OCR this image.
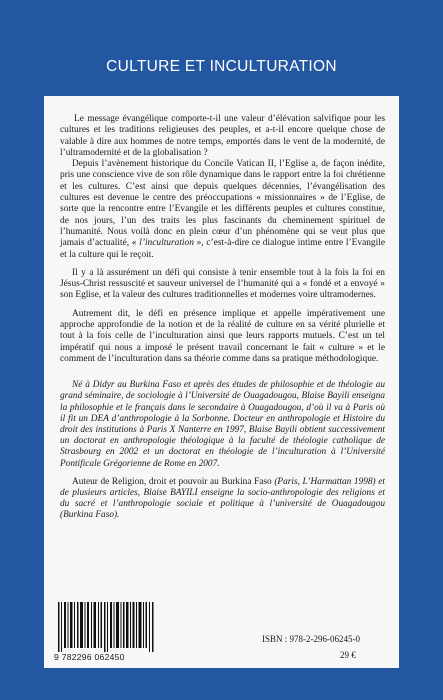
CULTURE ET INCULTURATION

Le message évangélique comporte-t-il une valeur d’élévation salvifique pour les cultures et les traditions religieuses des peuples, et a-t-il encore quelque chose de valable à dire aux hommes de notre temps, emportés dans le vent de la modernité, de l’ultramodernité et de la globalisation ?

Depuis l’avènement historique du Concile Vatican II, l’Eglise a, de façon inédite, pris une conscience vive de son rôle dynamique dans le rapport entre la foi chrétienne et les cultures. C’est ainsi que depuis quelques décennies, l’évangélisation des cultures est devenue le centre des préoccupations « missionnaires » de l’Eglise, de sorte que la rencontre entre l’Evangile et les différents peuples et cultures constitue, de nos jours, l’un des traits les plus fascinants du cheminement spirituel de l’humanité. Nous voilà donc en plein cœur d’un phénomène qui se veut plus que jamais d’actualité, « l’inculturation », c’est-à-dire ce dialogue intime entre l’Evangile et la culture qui le reçoit.

Il y a là assurément un défi qui consiste à tenir ensemble tout à la fois la foi en Jésus-Christ ressuscité et sauveur universel de l’humanité qui a « fondé et a envoyé » son Eglise, et la valeur des cultures traditionnelles et modernes voire ultramodernes.

Autrement dit, le défi en présence implique et appelle impérativement une approche approfondie de la notion et de la réalité de culture en sa vérité plurielle et tout à la fois celle de l’inculturation ainsi que leurs rapports mutuels. C’est un tel impératif qui nous a imposé le présent travail concernant le fait « culture » et le comment de l’inculturation dans sa théorie comme dans sa pratique méthodologique.

Né à Didyr au Burkina Faso et après des études de philosophie et de théologie au grand séminaire, de sociologie à l’Université de Ouagadougou, Blaise Bayili enseigna la philosophie et le français dans le secondaire à Ouagadougou, d’où il va à Paris où il fit un DEA d’anthropologie à la Sorbonne. Docteur en anthropologie et Histoire du droit des institutions à Paris X Nanterre en 1997, Blaise Bayili obtient successivement un doctorat en anthropologie théologique à la faculté de théologie catholique de Strasbourg en 2002 et un doctorat en théologie de l’inculturation à l’Université Pontificale Grégorienne de Rome en 2007.

Auteur de Religion, droit et pouvoir au Burkina Faso (Paris, L’Harmattan 1998) et de plusieurs articles, Blaise BAYILI enseigne la socio-anthropologie des religions et du sacré et l’anthropologie sociale et politique à l’université de Ouagadougou (Burkina Faso).

9 782296 062450
ISBN : 978-2-296-06245-0
29 €
